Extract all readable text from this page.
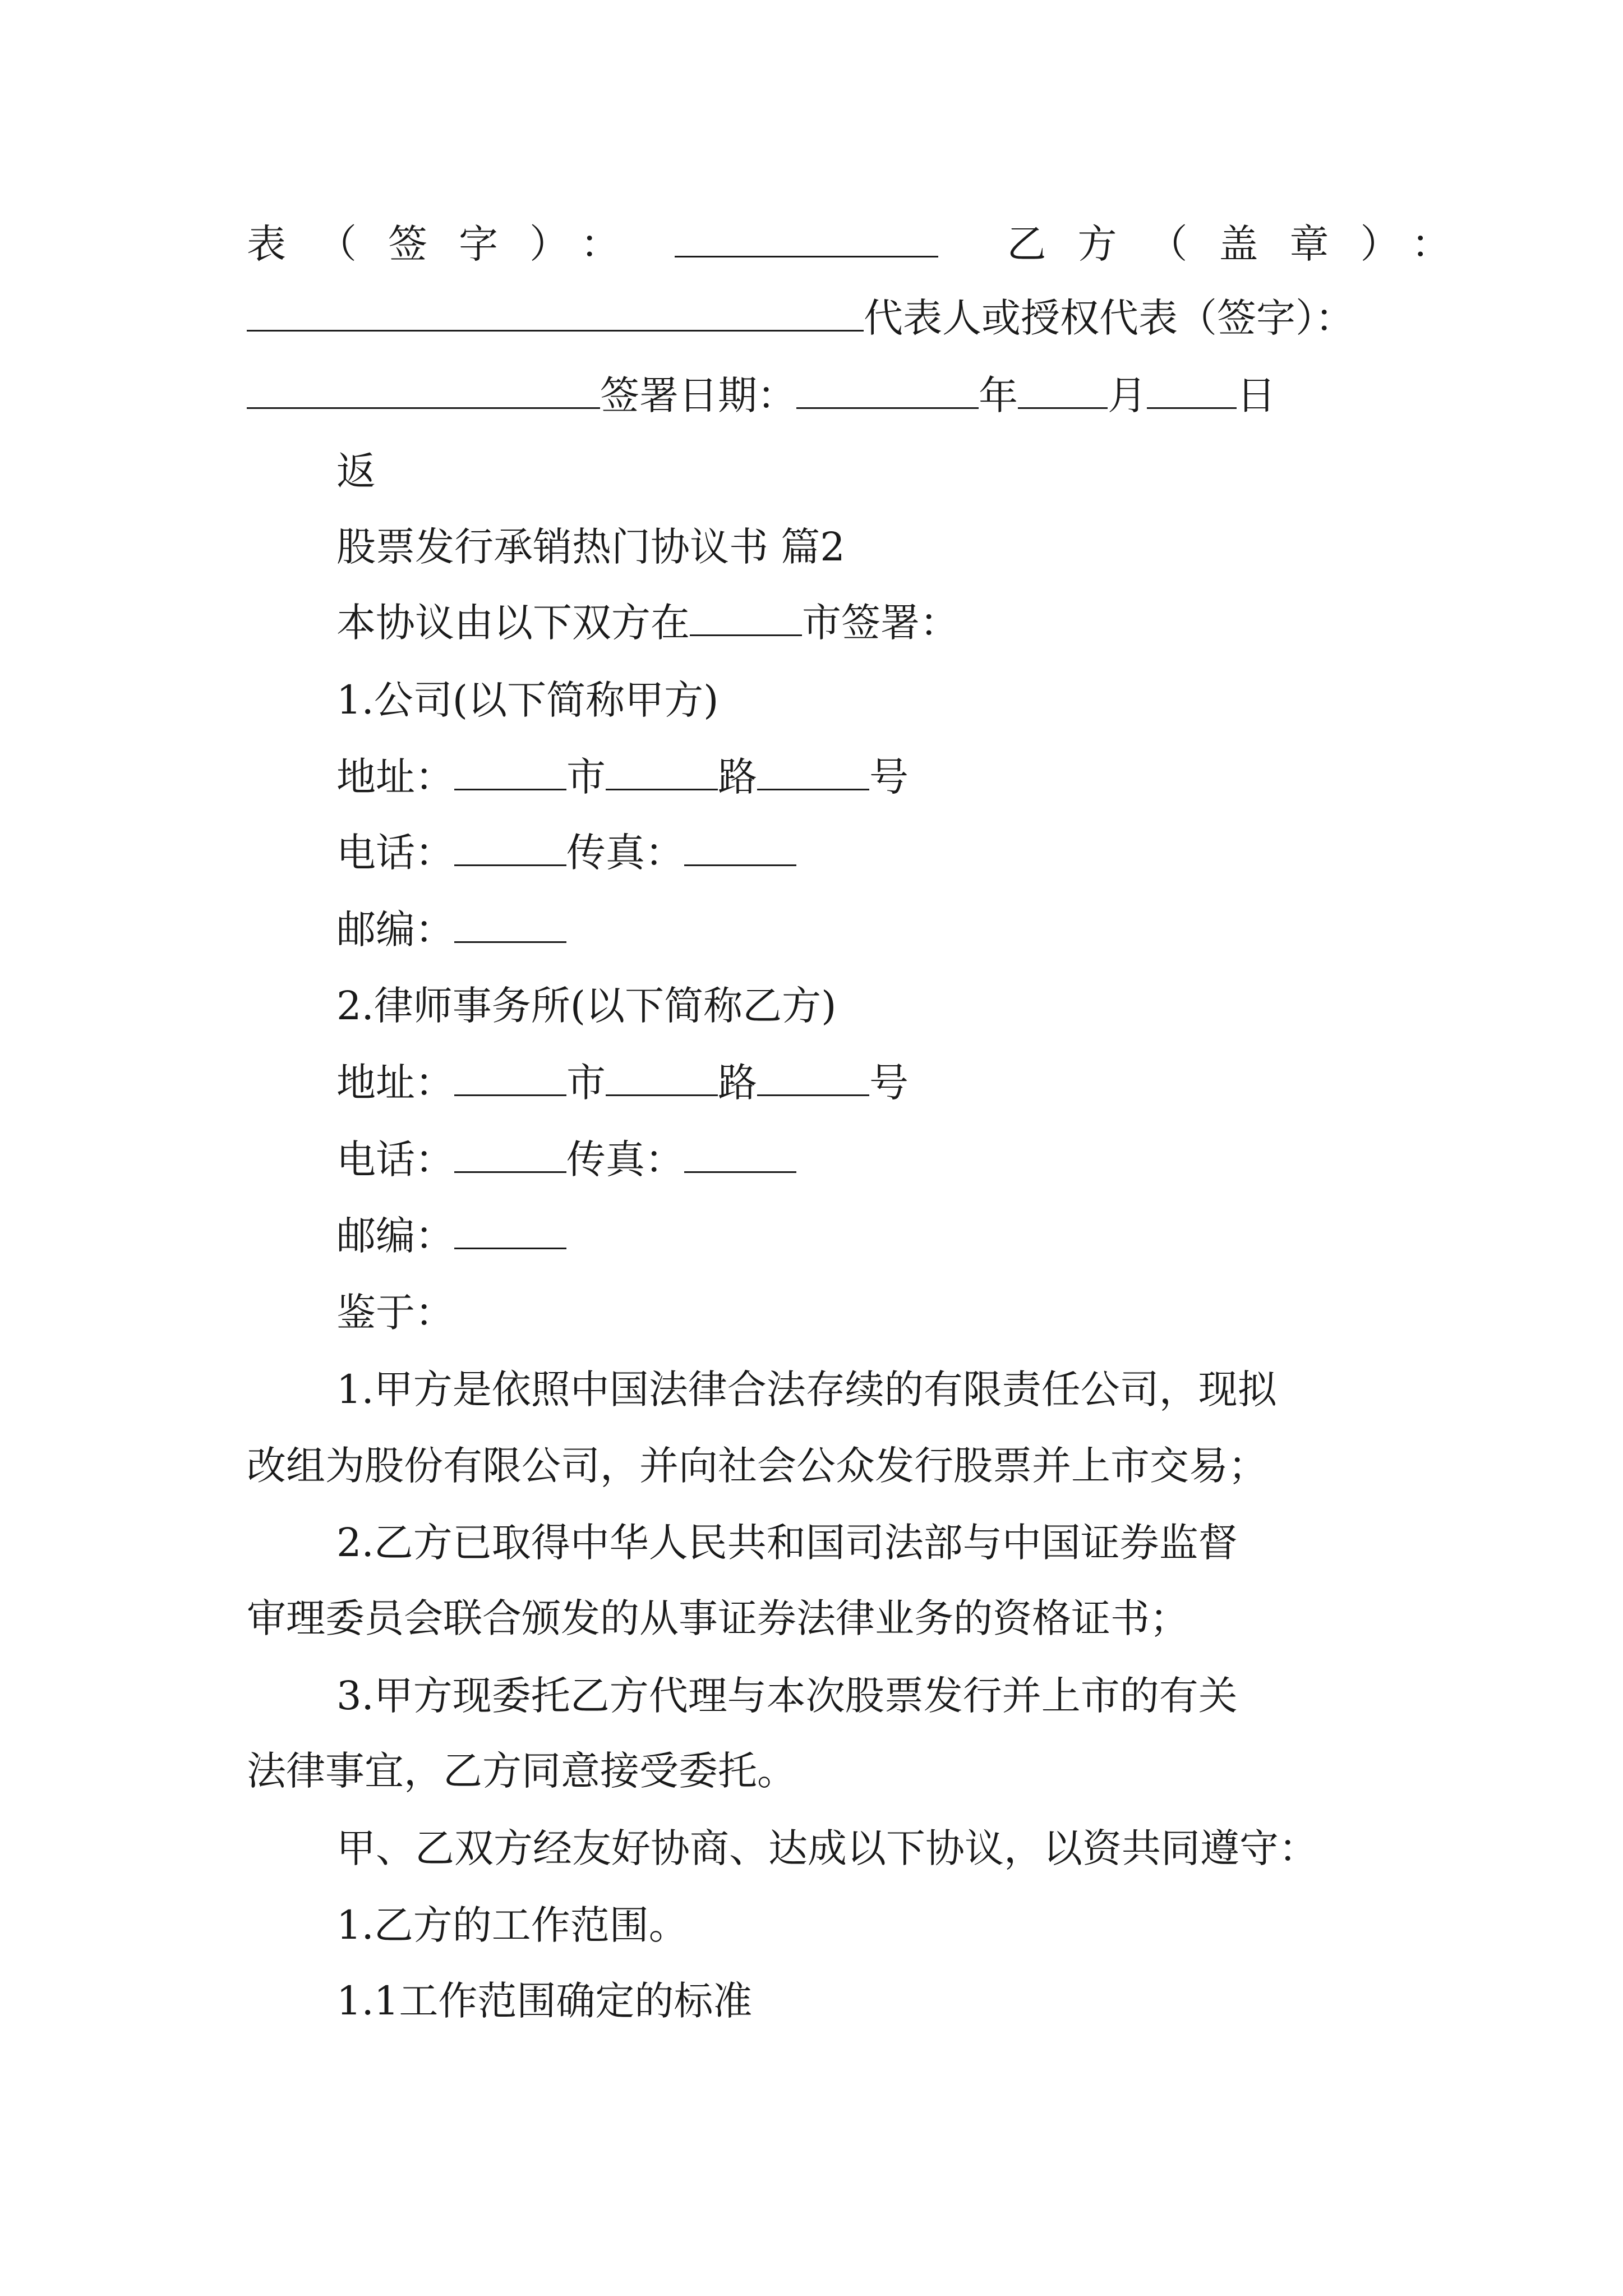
表（签字）：	乙方（盖章）：
代表人或授权代表（签字）：
签署日期：	年 月 日
返
股票发行承销热门协议书 篇2
本协议由以下双方在	市签署：
1.公司(以下简称甲方)
地址：	市	路	号
电话：	传真：
邮编：
2.律师事务所(以下简称乙方)
地址：	市	路	号
电话：	传真：
邮编：
鉴于：
1.甲方是依照中国法律合法存续的有限责任公司，现拟
改组为股份有限公司，并向社会公众发行股票并上市交易；
2.乙方已取得中华人民共和国司法部与中国证券监督
审理委员会联合颁发的从事证券法律业务的资格证书；
3.甲方现委托乙方代理与本次股票发行并上市的有关
法律事宜，乙方同意接受委托。
甲、乙双方经友好协商、达成以下协议，以资共同遵守：
1.乙方的工作范围。
1.1工作范围确定的标准
